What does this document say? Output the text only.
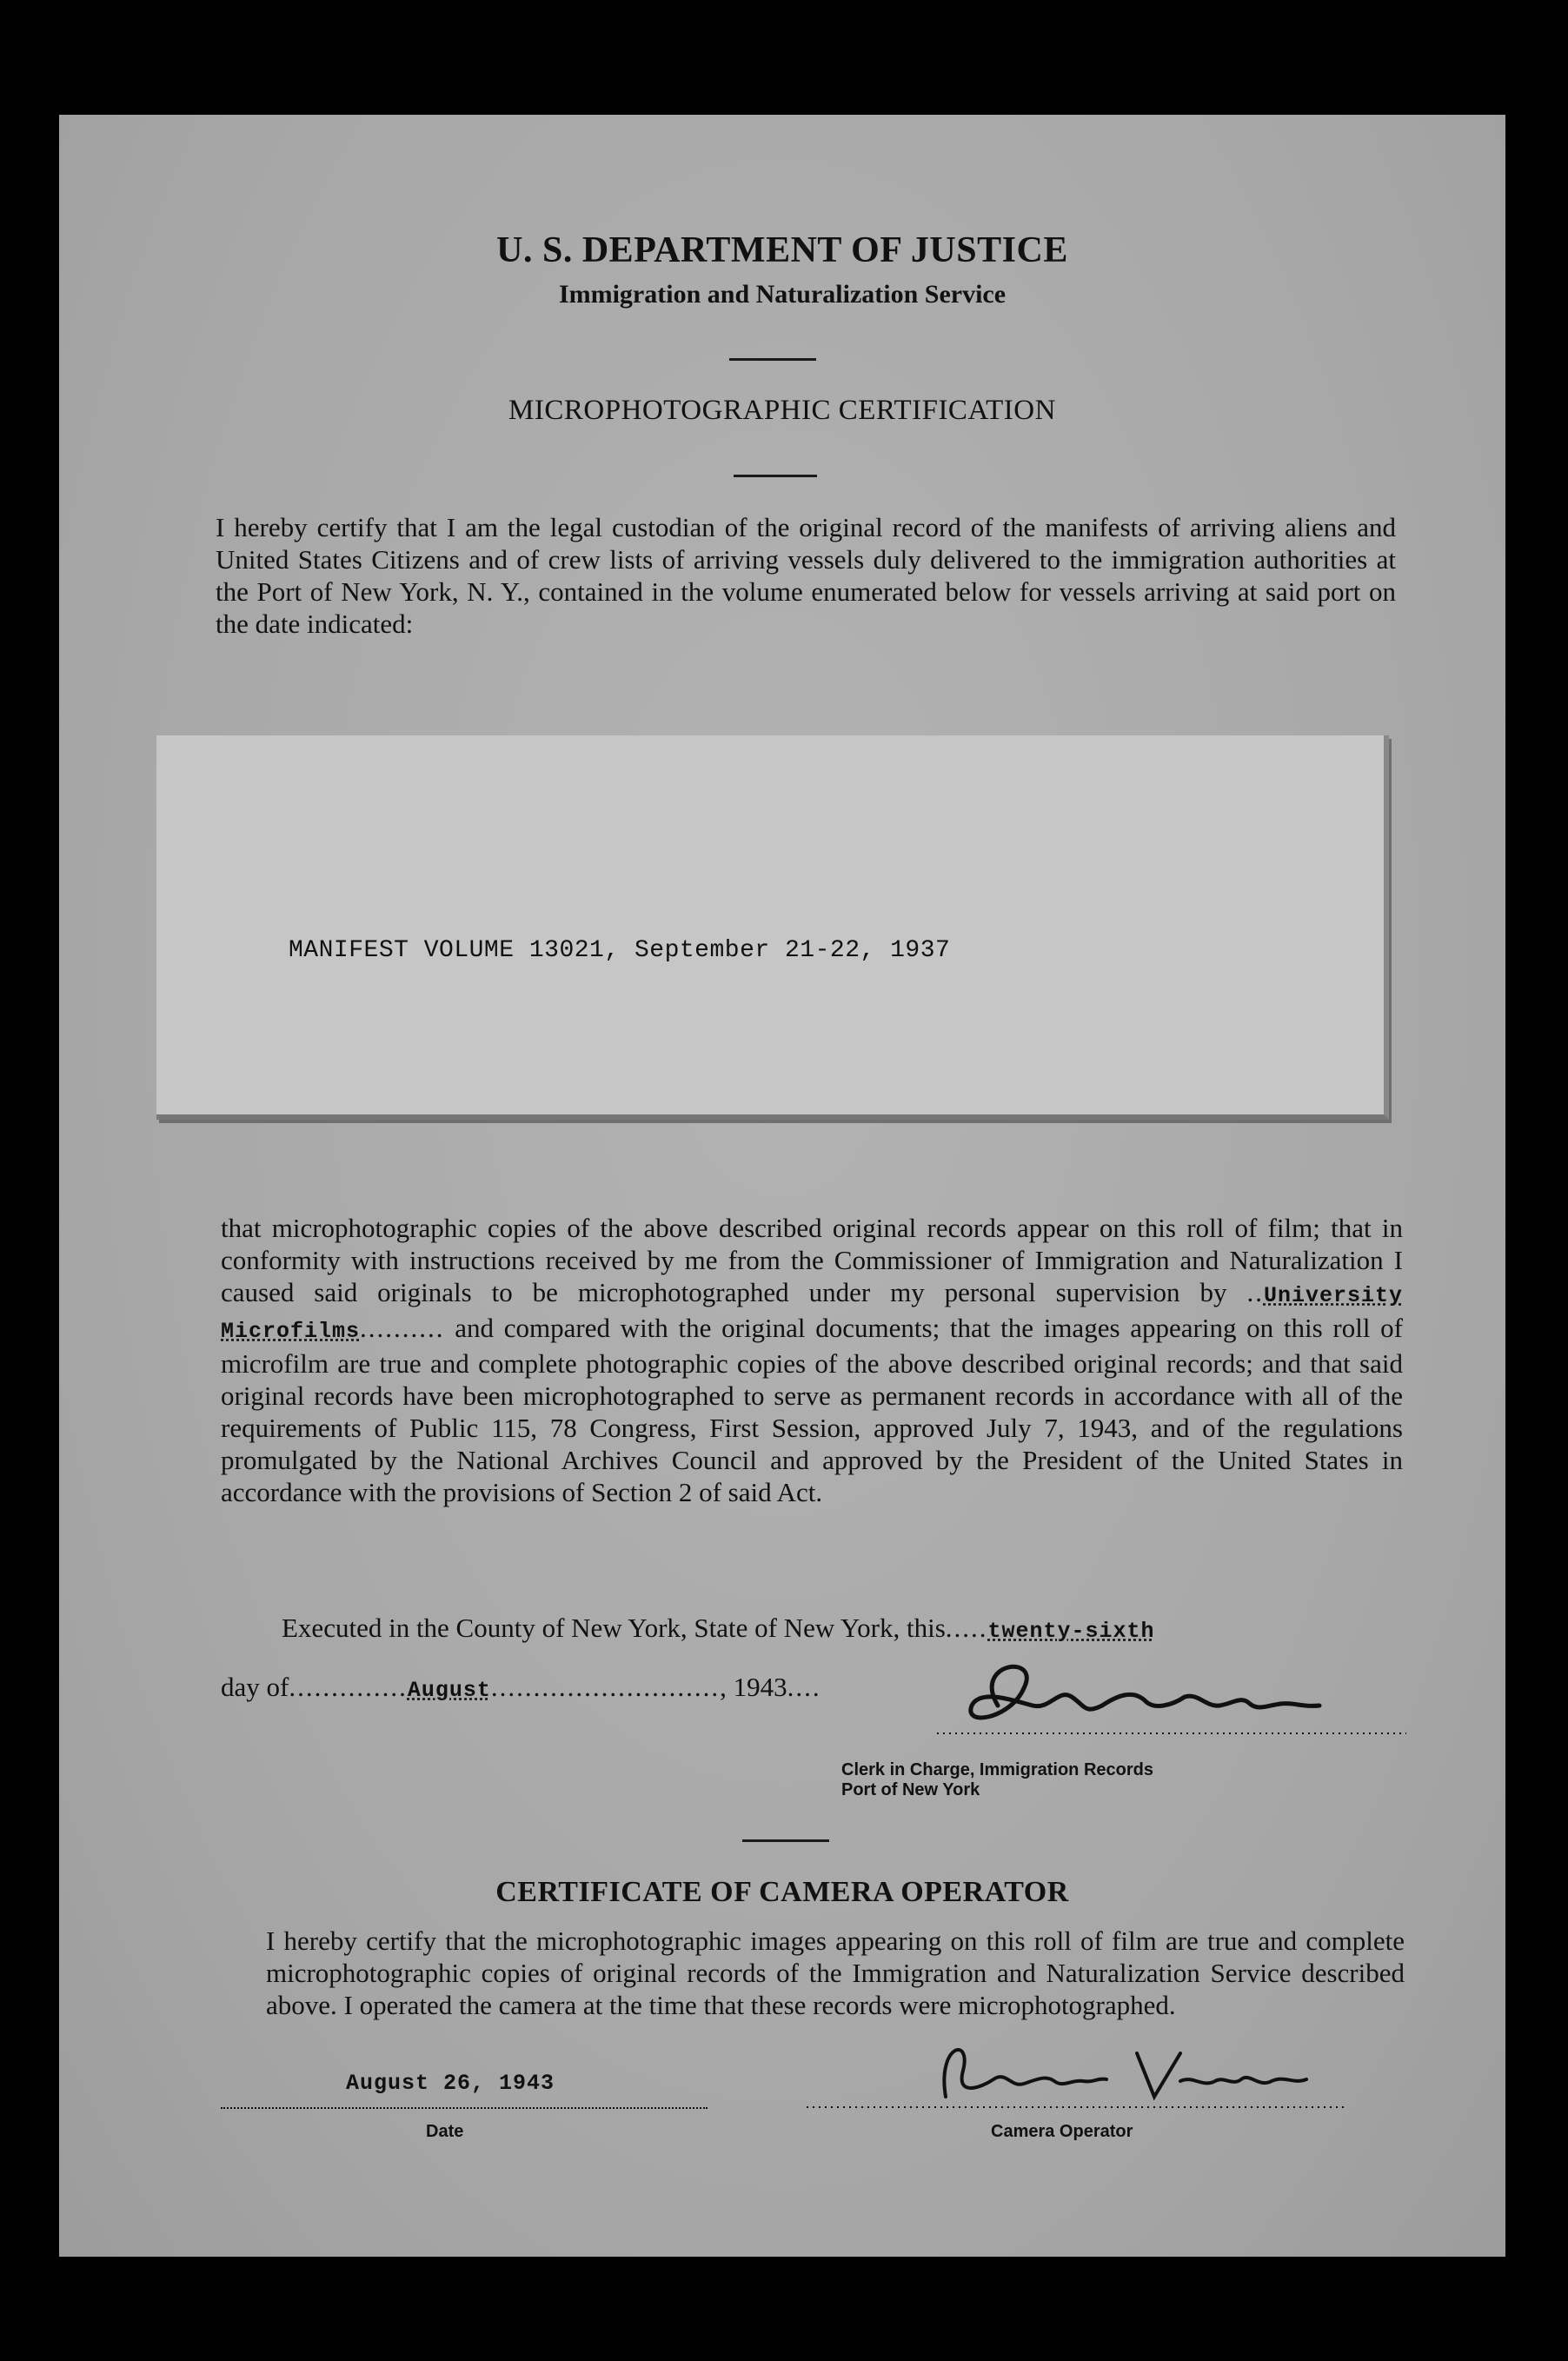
U. S. DEPARTMENT OF JUSTICE
Immigration and Naturalization Service
MICROPHOTOGRAPHIC CERTIFICATION
I hereby certify that I am the legal custodian of the original record of the manifests of arriving aliens and United States Citizens and of crew lists of arriving vessels duly delivered to the immigration authorities at the Port of New York, N. Y., contained in the volume enumerated below for vessels arriving at said port on the date indicated:
MANIFEST VOLUME 13021, September 21-22, 1937
that microphotographic copies of the above described original records appear on this roll of film; that in conformity with instructions received by me from the Commissioner of Immigration and Naturalization I caused said originals to be microphotographed under my personal supervision by ..University Microfilms.......... and compared with the original documents; that the images appearing on this roll of microfilm are true and complete photographic copies of the above described original records; and that said original records have been microphotographed to serve as permanent records in accordance with all of the requirements of Public 115, 78 Congress, First Session, approved July 7, 1943, and of the regulations promulgated by the National Archives Council and approved by the President of the United States in accordance with the provisions of Section 2 of said Act.
Executed in the County of New York, State of New York, this.....twenty-sixth
day of..............August..........................., 1943....
Clerk in Charge, Immigration Records
Port of New York
CERTIFICATE OF CAMERA OPERATOR
I hereby certify that the microphotographic images appearing on this roll of film are true and complete microphotographic copies of original records of the Immigration and Naturalization Service described above. I operated the camera at the time that these records were microphotographed.
August 26, 1943
Date	Camera Operator
